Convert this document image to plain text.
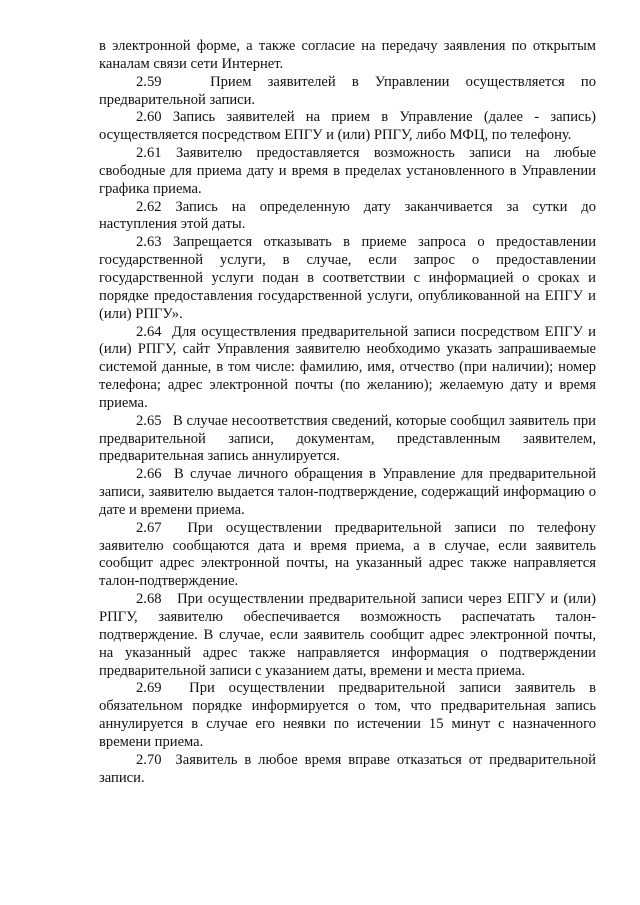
в электронной форме, а также согласие на передачу заявления по открытым каналам связи сети Интернет.

2.59	Прием заявителей в Управлении осуществляется по предварительной записи.

2.60 Запись заявителей на прием в Управление (далее - запись) осуществляется посредством ЕПГУ и (или) РПГУ, либо МФЦ, по телефону.

2.61 Заявителю предоставляется возможность записи на любые свободные для приема дату и время в пределах установленного в Управлении графика приема.

2.62 Запись на определенную дату заканчивается за сутки до наступления этой даты.

2.63 Запрещается отказывать в приеме запроса о предоставлении государственной услуги, в случае, если запрос о предоставлении государственной услуги подан в соответствии с информацией о сроках и порядке предоставления государственной услуги, опубликованной на ЕПГУ и (или) РПГУ».

2.64 Для осуществления предварительной записи посредством ЕПГУ и (или) РПГУ, сайт Управления заявителю необходимо указать запрашиваемые системой данные, в том числе: фамилию, имя, отчество (при наличии); номер телефона; адрес электронной почты (по желанию); желаемую дату и время приема.

2.65 В случае несоответствия сведений, которые сообщил заявитель при предварительной записи, документам, представленным заявителем, предварительная запись аннулируется.

2.66 В случае личного обращения в Управление для предварительной записи, заявителю выдается талон-подтверждение, содержащий информацию о дате и времени приема.

2.67 При осуществлении предварительной записи по телефону заявителю сообщаются дата и время приема, а в случае, если заявитель сообщит адрес электронной почты, на указанный адрес также направляется талон-подтверждение.

2.68 При осуществлении предварительной записи через ЕПГУ и (или) РПГУ, заявителю обеспечивается возможность распечатать талон-подтверждение. В случае, если заявитель сообщит адрес электронной почты, на указанный адрес также направляется информация о подтверждении предварительной записи с указанием даты, времени и места приема.

2.69 При осуществлении предварительной записи заявитель в обязательном порядке информируется о том, что предварительная запись аннулируется в случае его неявки по истечении 15 минут с назначенного времени приема.

2.70 Заявитель в любое время вправе отказаться от предварительной записи.
